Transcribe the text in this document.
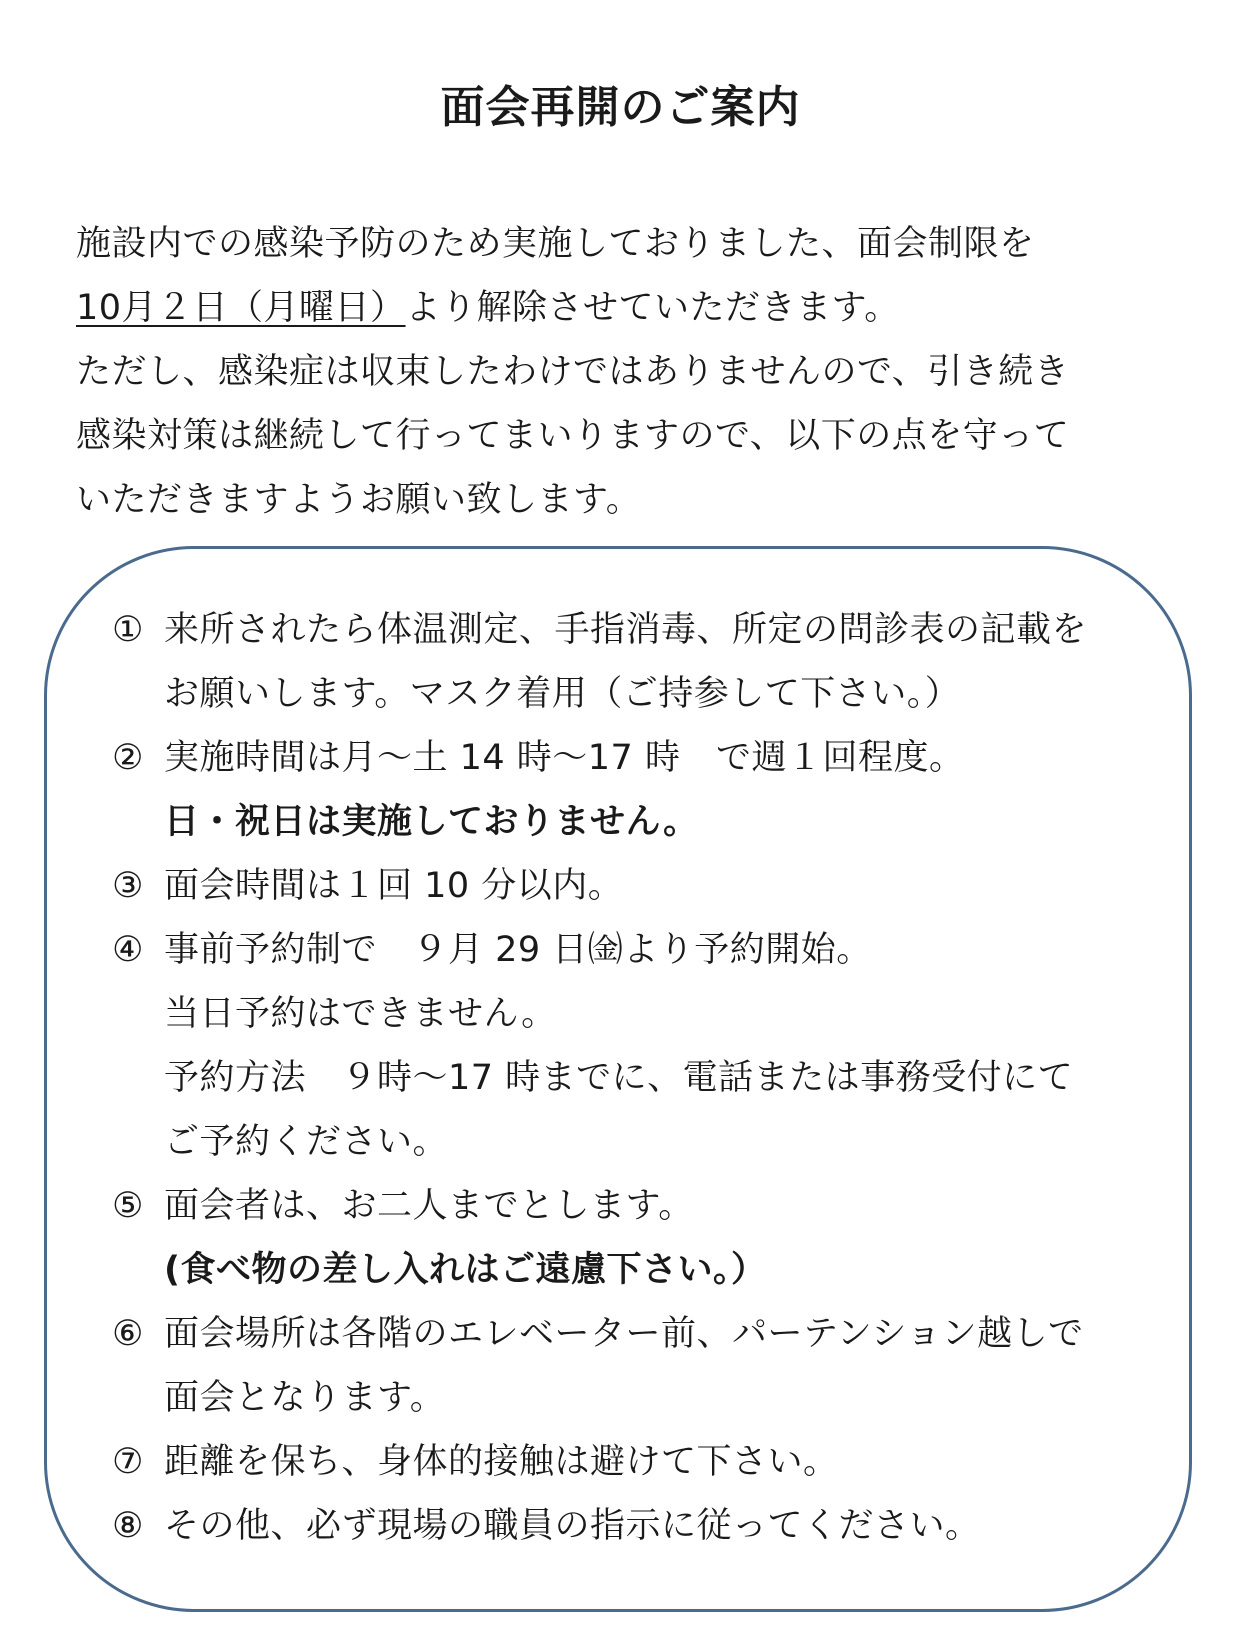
面会再開のご案内
施設内での感染予防のため実施しておりました、面会制限を
10月２日（月曜日）より解除させていただきます。
ただし、感染症は収束したわけではありませんので、引き続き
感染対策は継続して行ってまいりますので、以下の点を守って
いただきますようお願い致します。
① 来所されたら体温測定、手指消毒、所定の問診表の記載を
お願いします。マスク着用（ご持参して下さい。）
② 実施時間は月～土 14 時～17 時　で週１回程度。
日・祝日は実施しておりません。
③ 面会時間は１回 10 分以内。
④ 事前予約制で　９月 29 日㈮より予約開始。
当日予約はできません。
予約方法　９時～17 時までに、電話または事務受付にて
ご予約ください。
⑤ 面会者は、お二人までとします。
(食べ物の差し入れはご遠慮下さい。）
⑥ 面会場所は各階のエレベーター前、パーテンション越しで
面会となります。
⑦ 距離を保ち、身体的接触は避けて下さい。
⑧ その他、必ず現場の職員の指示に従ってください。
